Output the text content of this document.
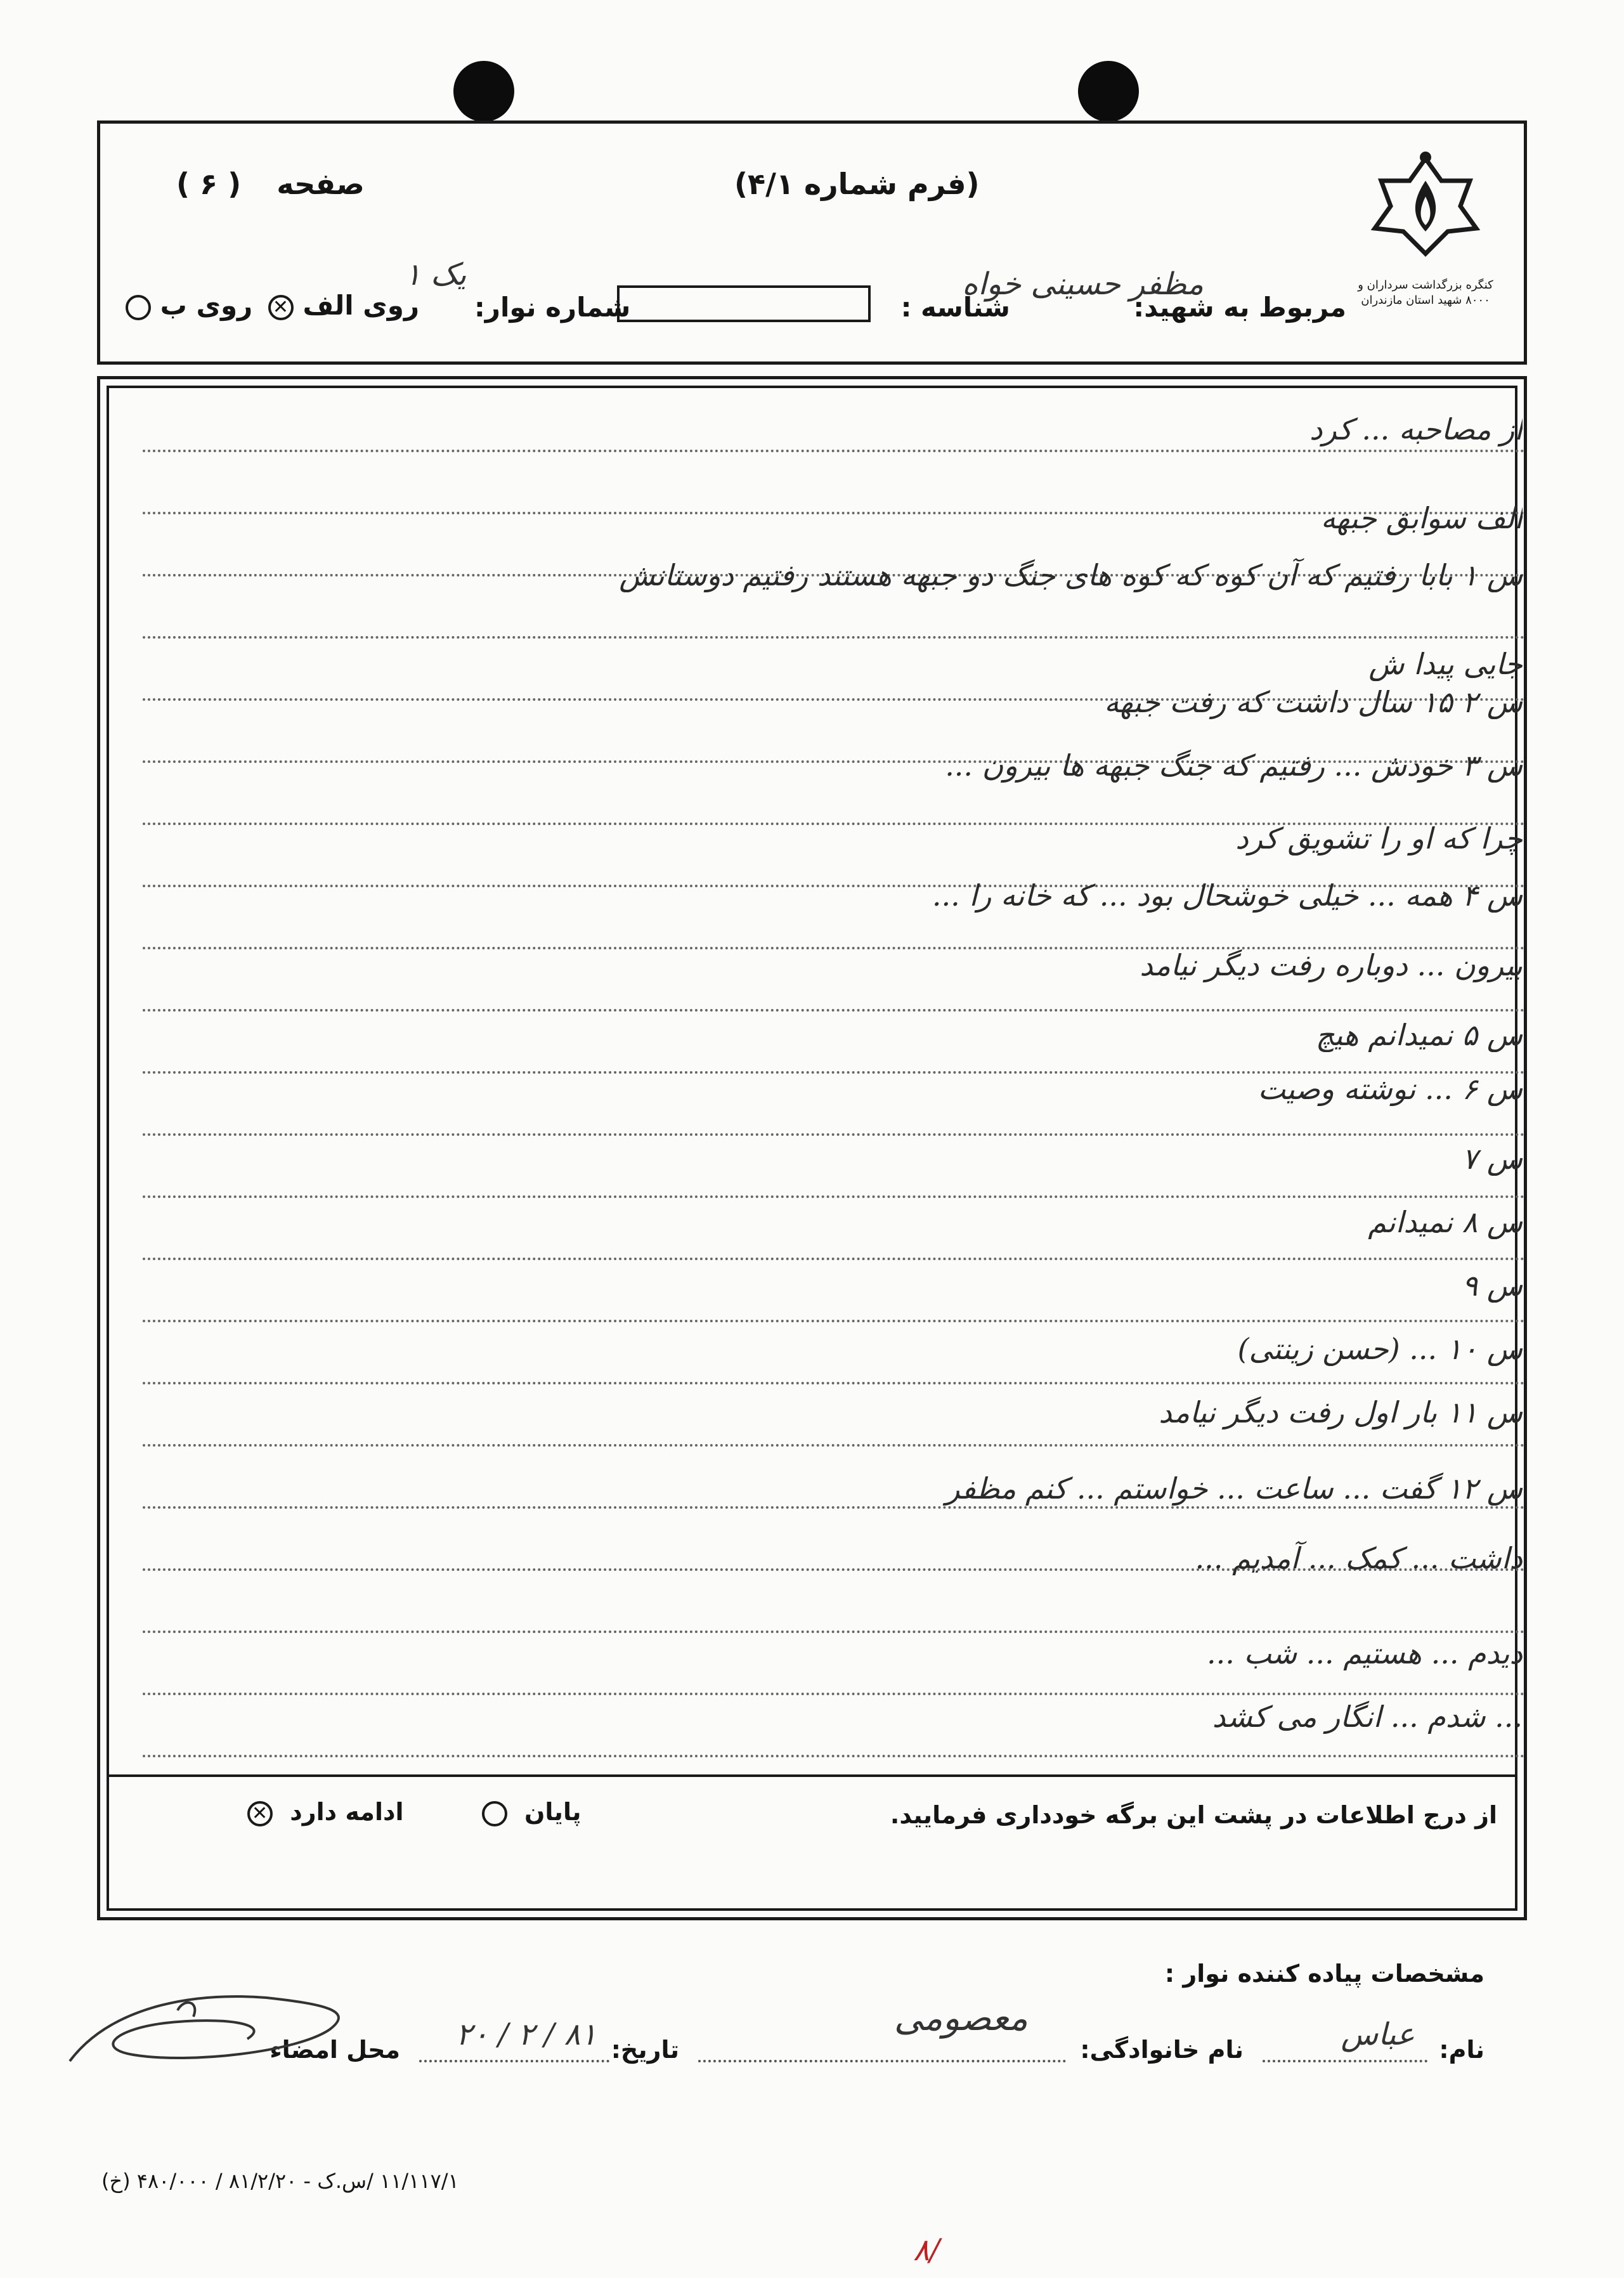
کنگره بزرگداشت سرداران و ۸۰۰۰ شهید استان مازندران
صفحه ( ۶ )	(فرم شماره ۴/۱)
مربوط به شهید:
مظفر حسینی خواه
شناسه :
شماره نوار:
یک ۱
روی الف ✕ روی ب
از مصاحبه ... کرد
الف سوابق جبهه
س ۱ بابا رفتیم که آن کوه که کوه های جنگ دو جبهه هستند رفتیم دوستانش
جایی پیدا ش
س ۲ ۱۵ سال داشت که رفت جبهه
س ۳ خودش ... رفتیم که جنگ جبهه ها بیرون ...
چرا که او را تشویق کرد
س ۴ همه ... خیلی خوشحال بود ... که خانه را ...
بیرون ... دوباره رفت دیگر نیامد
س ۵ نمیدانم هیچ
س ۶ ... نوشته وصیت
س ۷
س ۸ نمیدانم
س ۹
س ۱۰ ... (حسن زینتی)
س ۱۱ بار اول رفت دیگر نیامد
س ۱۲ گفت ... ساعت ... خواستم ... کنم مظفر
داشت ... کمک ... آمدیم ...
دیدم ... هستیم ... شب ...
... شدم ... انگار می کشد
از درج اطلاعات در پشت این برگه خودداری فرمایید.
پایان  ادامه دارد ✕
مشخصات پیاده کننده نوار :
نام:
عباس
نام خانوادگی:
معصومی
تاریخ:
۸۱ / ۲ / ۲۰
محل امضاء
۱۱/۱۱۷/۱ /س.ک - ۸۱/۲/۲۰ / ۴۸۰/۰۰۰ (خ)
۸/
